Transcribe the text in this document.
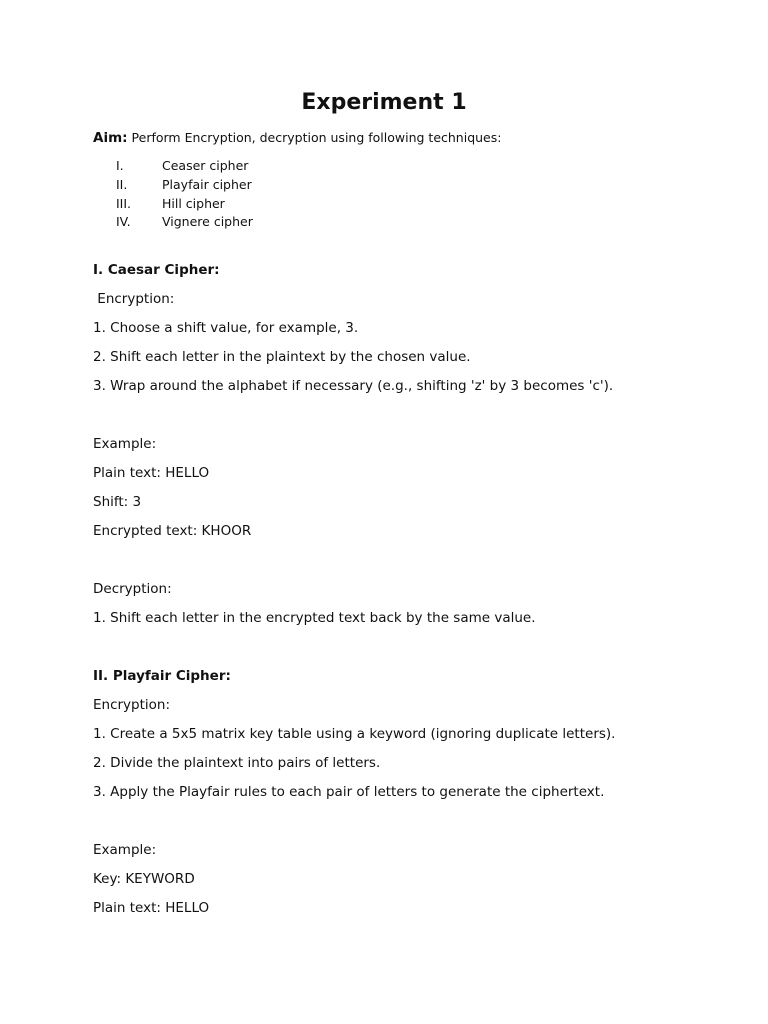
Experiment 1
Aim: Perform Encryption, decryption using following techniques:
I.	Ceaser cipher
II.	Playfair cipher
III. Hill cipher
IV.	Vignere cipher
I. Caesar Cipher:
Encryption:
1. Choose a shift value, for example, 3.
2. Shift each letter in the plaintext by the chosen value.
3. Wrap around the alphabet if necessary (e.g., shifting 'z' by 3 becomes 'c').
Example:
Plain text: HELLO
Shift: 3
Encrypted text: KHOOR
Decryption:
1. Shift each letter in the encrypted text back by the same value.
II. Playfair Cipher:
Encryption:
1. Create a 5x5 matrix key table using a keyword (ignoring duplicate letters).
2. Divide the plaintext into pairs of letters.
3. Apply the Playfair rules to each pair of letters to generate the ciphertext.
Example:
Key: KEYWORD
Plain text: HELLO
